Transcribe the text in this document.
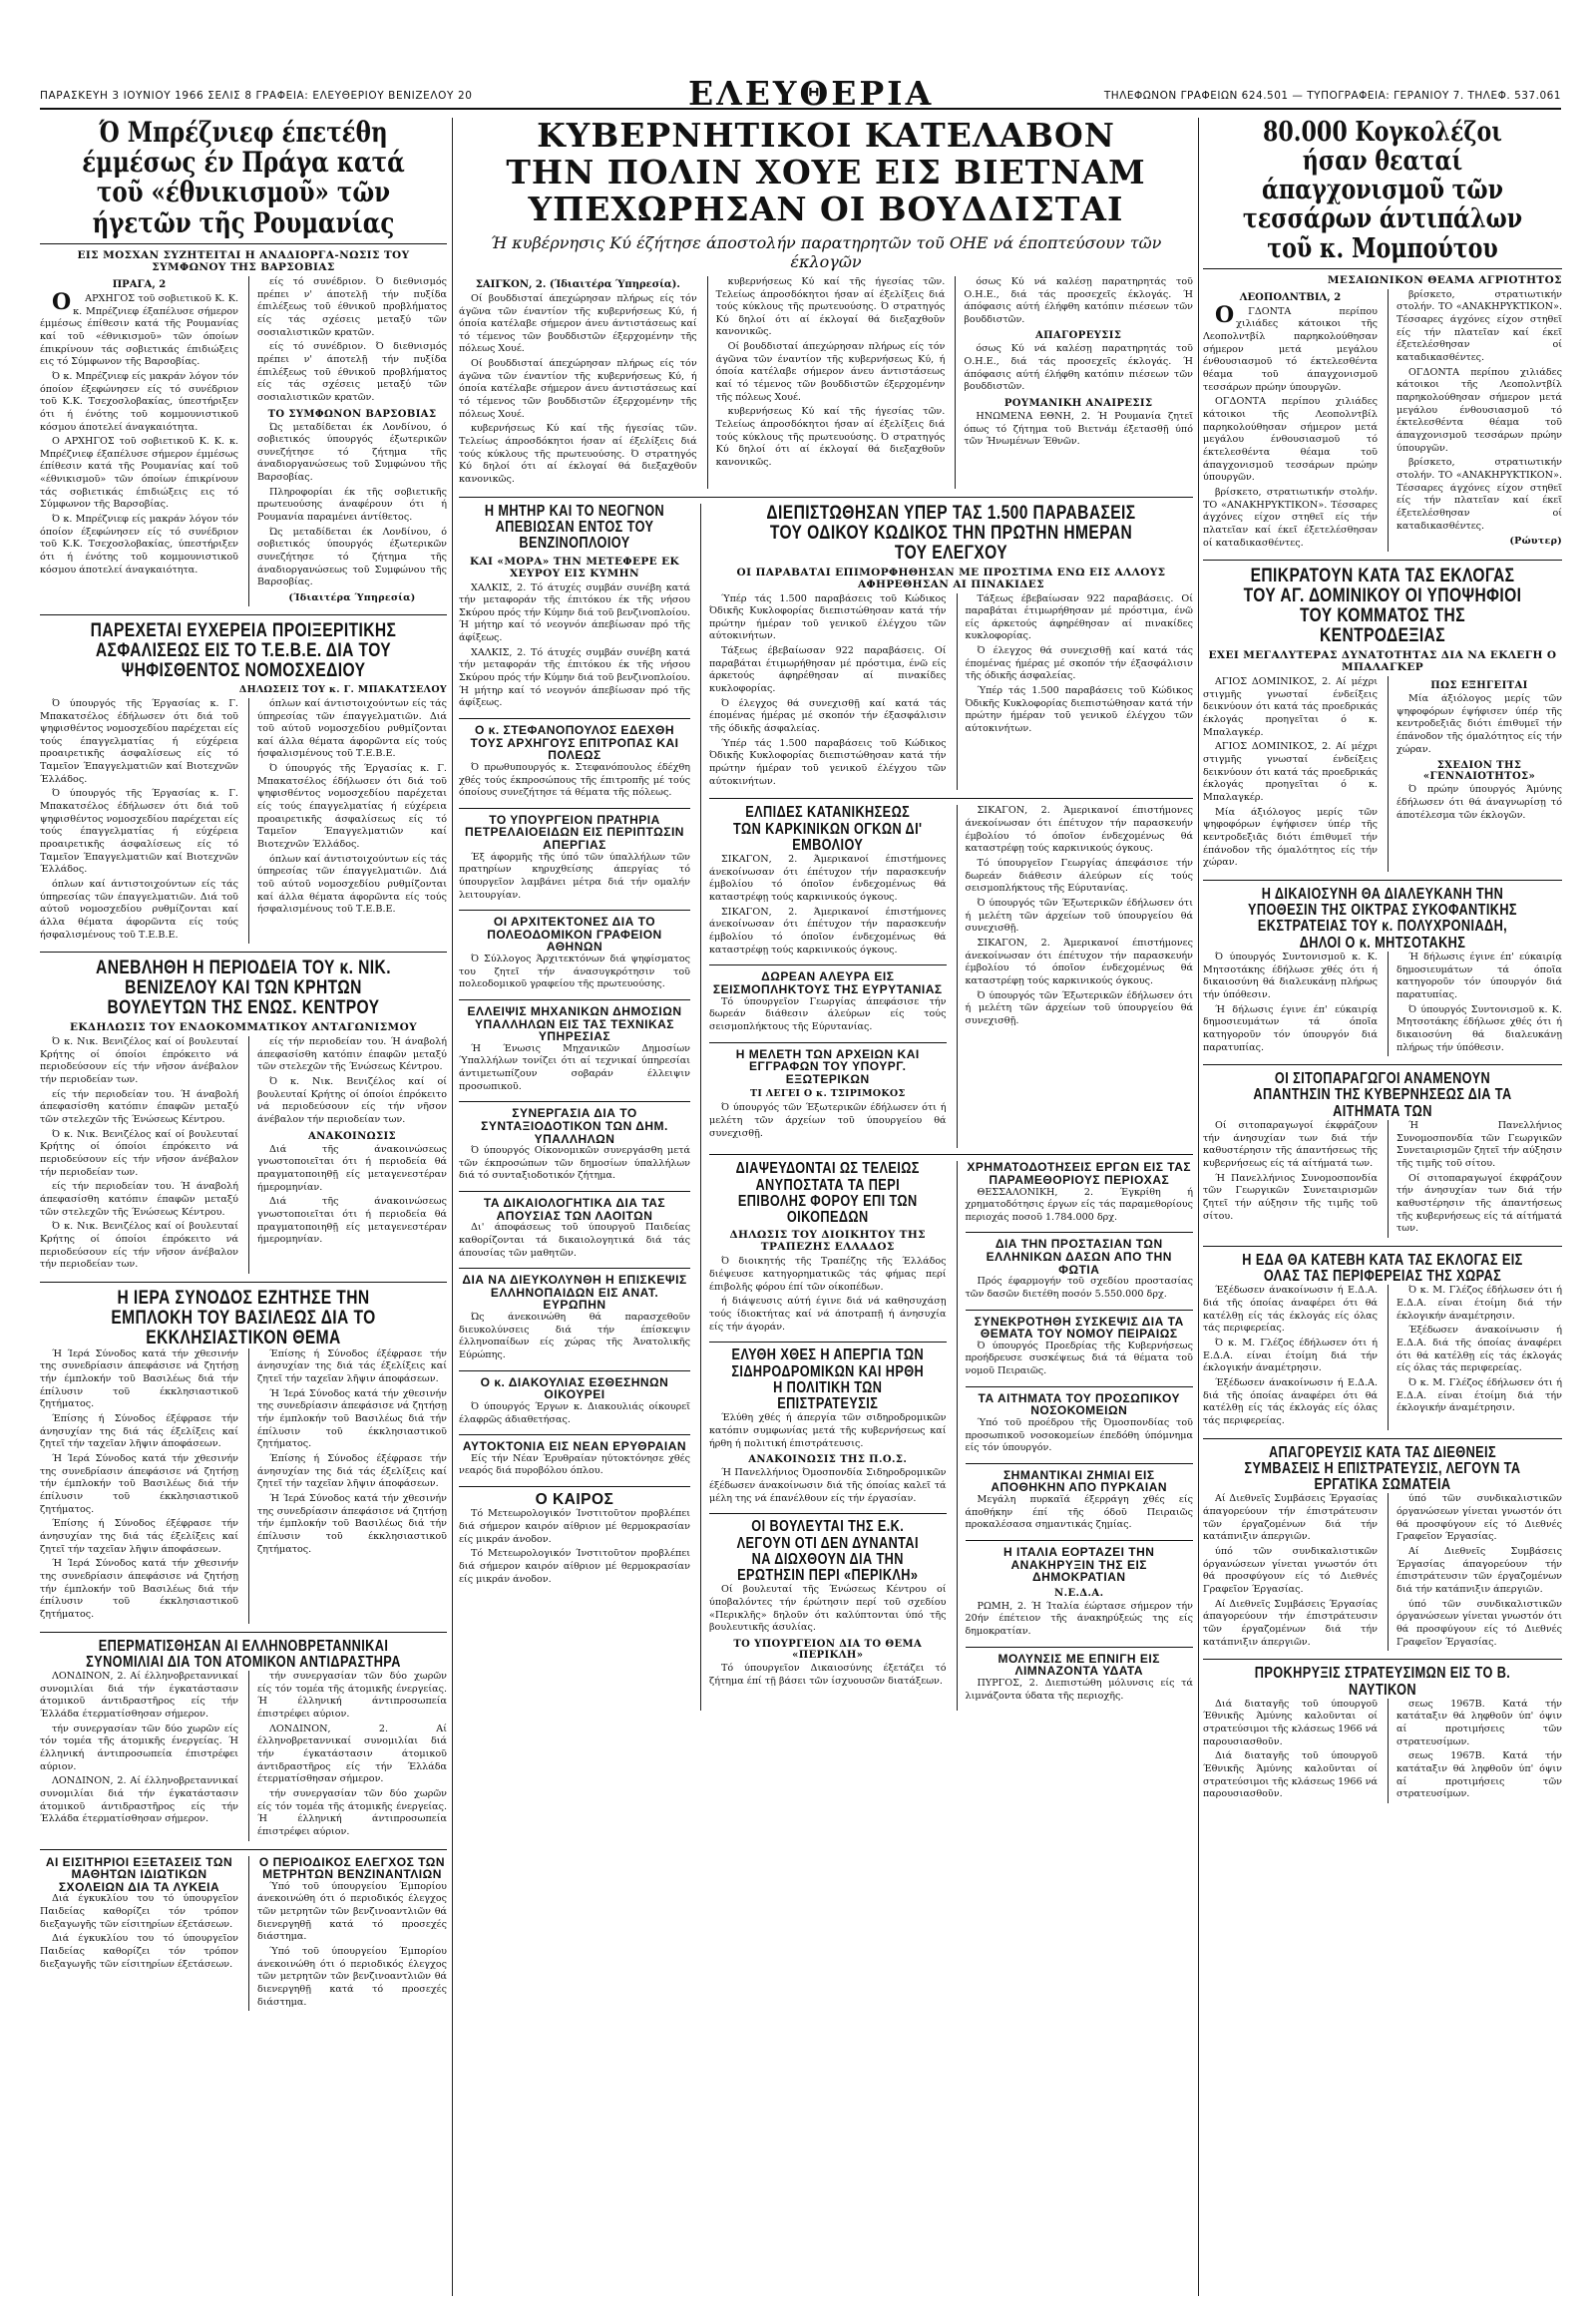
ΠΑΡΑΣΚΕΥΗ 3 ΙΟΥΝΙΟΥ 1966 ΣΕΛΙΣ 8 ΓΡΑΦΕΙΑ: ΕΛΕΥΘΕΡΙΟΥ ΒΕΝΙΖΕΛΟΥ 20	ΕΛΕΥΘΕΡΙΑ	ΤΗΛΕΦΩΝΟΝ ΓΡΑΦΕΙΩΝ 624.501 — ΤΥΠΟΓΡΑΦΕΙΑ: ΓΕΡΑΝΙΟΥ 7. ΤΗΛΕΦ. 537.061
Ό Μπρέζνιεφ έπετέθη έμμέσως έν Πράγα κατά τοῦ «έθνικισμοῦ» τῶν ήγετῶν τῆς Ρουμανίας
ΕΙΣ ΜΟΣΧΑΝ ΣΥΖΗΤΕΙΤΑΙ Η ΑΝΑΔΙΟΡΓΑ-ΝΩΣΙΣ ΤΟΥ ΣΥΜΦΩΝΟΥ ΤΗΣ ΒΑΡΣΟΒΙΑΣ
ΠΡΑΓΑ, 2

ΟΑΡΧΗΓΟΣ τοῦ σοβιετικοῦ Κ. Κ. κ. Μπρέζνιεφ έξαπέλυσε σήμερον έμμέσως έπίθεσιν κατά τῆς Ρουμανίας καί τοῦ «έθνικισμοῦ» τῶν όποίων έπικρίνουν τάς σοβιετικάς έπιδιώξεις εις τό Σύμφωνον τῆς Βαρσοβίας.

Ό κ. Μπρέζνιεφ είς μακράν λόγον τόν όποίον έξεφώνησεν είς τό συνέδριον τοῦ Κ.Κ. Τσεχοσλοβακίας, ύπεστήριξεν ότι ή ένότης τοῦ κομμουνιστικοῦ κόσμου άποτελεί άναγκαιότητα.

Ο ΑΡΧΗΓΟΣ τοῦ σοβιετικοῦ Κ. Κ. κ. Μπρέζνιεφ έξαπέλυσε σήμερον έμμέσως έπίθεσιν κατά τῆς Ρουμανίας καί τοῦ «έθνικισμοῦ» τῶν όποίων έπικρίνουν τάς σοβιετικάς έπιδιώξεις εις τό Σύμφωνον τῆς Βαρσοβίας.

Ό κ. Μπρέζνιεφ είς μακράν λόγον τόν όποίον έξεφώνησεν είς τό συνέδριον τοῦ Κ.Κ. Τσεχοσλοβακίας, ύπεστήριξεν ότι ή ένότης τοῦ κομμουνιστικοῦ κόσμου άποτελεί άναγκαιότητα.

είς τό συνέδριον. Ό διεθνισμός πρέπει ν' άποτελῇ τήν πυξίδα έπιλέξεως τοῦ έθνικοῦ προβλήματος είς τάς σχέσεις μεταξύ τῶν σοσιαλιστικῶν κρατῶν.

είς τό συνέδριον. Ό διεθνισμός πρέπει ν' άποτελῇ τήν πυξίδα έπιλέξεως τοῦ έθνικοῦ προβλήματος είς τάς σχέσεις μεταξύ τῶν σοσιαλιστικῶν κρατῶν.

ΤΟ ΣΥΜΦΩΝΟΝ ΒΑΡΣΟΒΙΑΣ

Ώς μεταδίδεται έκ Λονδίνου, ό σοβιετικός ύπουργός έξωτερικῶν συνεζήτησε τό ζήτημα τῆς άναδιοργανώσεως τοῦ Συμφώνου τῆς Βαρσοβίας.

Πληροφορίαι έκ τῆς σοβιετικῆς πρωτευούσης άναφέρουν ότι ή Ρουμανία παραμένει άντίθετος.

Ώς μεταδίδεται έκ Λονδίνου, ό σοβιετικός ύπουργός έξωτερικῶν συνεζήτησε τό ζήτημα τῆς άναδιοργανώσεως τοῦ Συμφώνου τῆς Βαρσοβίας.

(Ίδιαιτέρα Ύπηρεσία)
ΠΑΡΕΧΕΤΑΙ ΕΥΧΕΡΕΙΑ ΠΡΟΙΞΕΡΙΤΙΚΗΣ ΑΣΦΑΛΙΣΕΩΣ ΕΙΣ ΤΟ Τ.Ε.Β.Ε. ΔΙΑ ΤΟΥ ΨΗΦΙΣΘΕΝΤΟΣ ΝΟΜΟΣΧΕΔΙΟΥ
ΔΗΛΩΣΕΙΣ ΤΟΥ κ. Γ. ΜΠΑΚΑΤΣΕΛΟΥ

Ό ύπουργός τῆς Έργασίας κ. Γ. Μπακατσέλος έδήλωσεν ότι διά τοῦ ψηφισθέντος νομοσχεδίου παρέχεται είς τούς έπαγγελματίας ή εύχέρεια προαιρετικῆς άσφαλίσεως είς τό Ταμεῖον Έπαγγελματιῶν καί Βιοτεχνῶν Έλλάδος.

Ό ύπουργός τῆς Έργασίας κ. Γ. Μπακατσέλος έδήλωσεν ότι διά τοῦ ψηφισθέντος νομοσχεδίου παρέχεται είς τούς έπαγγελματίας ή εύχέρεια προαιρετικῆς άσφαλίσεως είς τό Ταμεῖον Έπαγγελματιῶν καί Βιοτεχνῶν Έλλάδος.

όπλων καί άντιστοιχούντων είς τάς ύπηρεσίας τῶν έπαγγελματιῶν. Διά τοῦ αύτοῦ νομοσχεδίου ρυθμίζονται καί άλλα θέματα άφορῶντα είς τούς ήσφαλισμένους τοῦ Τ.Ε.Β.Ε.

όπλων καί άντιστοιχούντων είς τάς ύπηρεσίας τῶν έπαγγελματιῶν. Διά τοῦ αύτοῦ νομοσχεδίου ρυθμίζονται καί άλλα θέματα άφορῶντα είς τούς ήσφαλισμένους τοῦ Τ.Ε.Β.Ε.

Ό ύπουργός τῆς Έργασίας κ. Γ. Μπακατσέλος έδήλωσεν ότι διά τοῦ ψηφισθέντος νομοσχεδίου παρέχεται είς τούς έπαγγελματίας ή εύχέρεια προαιρετικῆς άσφαλίσεως είς τό Ταμεῖον Έπαγγελματιῶν καί Βιοτεχνῶν Έλλάδος.

όπλων καί άντιστοιχούντων είς τάς ύπηρεσίας τῶν έπαγγελματιῶν. Διά τοῦ αύτοῦ νομοσχεδίου ρυθμίζονται καί άλλα θέματα άφορῶντα είς τούς ήσφαλισμένους τοῦ Τ.Ε.Β.Ε.

ΑΝΕΒΛΗΘΗ Η ΠΕΡΙΟΔΕΙΑ ΤΟΥ κ. ΝΙΚ. ΒΕΝΙΖΕΛΟΥ ΚΑΙ ΤΩΝ ΚΡΗΤΩΝ ΒΟΥΛΕΥΤΩΝ ΤΗΣ ΕΝΩΣ. ΚΕΝΤΡΟΥ
ΕΚΔΗΛΩΣΙΣ ΤΟΥ ΕΝΔΟΚΟΜΜΑΤΙΚΟΥ ΑΝΤΑΓΩΝΙΣΜΟΥ

Ό κ. Νικ. Βενιζέλος καί οί βουλευταί Κρήτης οί όποίοι έπρόκειτο νά περιοδεύσουν είς τήν νῆσον άνέβαλον τήν περιοδείαν των.

είς τήν περιοδείαν του. Ή άναβολή άπεφασίσθη κατόπιν έπαφῶν μεταξύ τῶν στελεχῶν τῆς Ένώσεως Κέντρου.

Ό κ. Νικ. Βενιζέλος καί οί βουλευταί Κρήτης οί όποίοι έπρόκειτο νά περιοδεύσουν είς τήν νῆσον άνέβαλον τήν περιοδείαν των.

είς τήν περιοδείαν του. Ή άναβολή άπεφασίσθη κατόπιν έπαφῶν μεταξύ τῶν στελεχῶν τῆς Ένώσεως Κέντρου.

Ό κ. Νικ. Βενιζέλος καί οί βουλευταί Κρήτης οί όποίοι έπρόκειτο νά περιοδεύσουν είς τήν νῆσον άνέβαλον τήν περιοδείαν των.

είς τήν περιοδείαν του. Ή άναβολή άπεφασίσθη κατόπιν έπαφῶν μεταξύ τῶν στελεχῶν τῆς Ένώσεως Κέντρου.

Ό κ. Νικ. Βενιζέλος καί οί βουλευταί Κρήτης οί όποίοι έπρόκειτο νά περιοδεύσουν είς τήν νῆσον άνέβαλον τήν περιοδείαν των.

ΑΝΑΚΟΙΝΩΣΙΣ

Διά τῆς άνακοινώσεως γνωστοποιεῖται ότι ή περιοδεία θά πραγματοποιηθῇ είς μεταγενεστέραν ήμερομηνίαν.

Διά τῆς άνακοινώσεως γνωστοποιεῖται ότι ή περιοδεία θά πραγματοποιηθῇ είς μεταγενεστέραν ήμερομηνίαν.

Η ΙΕΡΑ ΣΥΝΟΔΟΣ ΕΖΗΤΗΣΕ ΤΗΝ ΕΜΠΛΟΚΗ ΤΟΥ ΒΑΣΙΛΕΩΣ ΔΙΑ ΤΟ ΕΚΚΛΗΣΙΑΣΤΙΚΟΝ ΘΕΜΑ

Ή Ίερά Σύνοδος κατά τήν χθεσινήν της συνεδρίασιν άπεφάσισε νά ζητήσῃ τήν έμπλοκήν τοῦ Βασιλέως διά τήν έπίλυσιν τοῦ έκκλησιαστικοῦ ζητήματος.

Έπίσης ή Σύνοδος έξέφρασε τήν άνησυχίαν της διά τάς έξελίξεις καί ζητεῖ τήν ταχεῖαν λῆψιν άποφάσεων.

Ή Ίερά Σύνοδος κατά τήν χθεσινήν της συνεδρίασιν άπεφάσισε νά ζητήσῃ τήν έμπλοκήν τοῦ Βασιλέως διά τήν έπίλυσιν τοῦ έκκλησιαστικοῦ ζητήματος.

Έπίσης ή Σύνοδος έξέφρασε τήν άνησυχίαν της διά τάς έξελίξεις καί ζητεῖ τήν ταχεῖαν λῆψιν άποφάσεων.

Ή Ίερά Σύνοδος κατά τήν χθεσινήν της συνεδρίασιν άπεφάσισε νά ζητήσῃ τήν έμπλοκήν τοῦ Βασιλέως διά τήν έπίλυσιν τοῦ έκκλησιαστικοῦ ζητήματος.

Έπίσης ή Σύνοδος έξέφρασε τήν άνησυχίαν της διά τάς έξελίξεις καί ζητεῖ τήν ταχεῖαν λῆψιν άποφάσεων.

Ή Ίερά Σύνοδος κατά τήν χθεσινήν της συνεδρίασιν άπεφάσισε νά ζητήσῃ τήν έμπλοκήν τοῦ Βασιλέως διά τήν έπίλυσιν τοῦ έκκλησιαστικοῦ ζητήματος.

Έπίσης ή Σύνοδος έξέφρασε τήν άνησυχίαν της διά τάς έξελίξεις καί ζητεῖ τήν ταχεῖαν λῆψιν άποφάσεων.

Ή Ίερά Σύνοδος κατά τήν χθεσινήν της συνεδρίασιν άπεφάσισε νά ζητήσῃ τήν έμπλοκήν τοῦ Βασιλέως διά τήν έπίλυσιν τοῦ έκκλησιαστικοῦ ζητήματος.

ΕΠΕΡΜΑΤΙΣΘΗΣΑΝ ΑΙ ΕΛΛΗΝΟΒΡΕΤΑΝΝΙΚΑΙ ΣΥΝΟΜΙΛΙΑΙ ΔΙΑ ΤΟΝ ΑΤΟΜΙΚΟΝ ΑΝΤΙΔΡΑΣΤΗΡΑ

ΛΟΝΔΙΝΟΝ, 2. Αί έλληνοβρεταννικαί συνομιλίαι διά τήν έγκατάστασιν άτομικοῦ άντιδραστῆρος είς τήν Έλλάδα έτερματίσθησαν σήμερον.

τήν συνεργασίαν τῶν δύο χωρῶν είς τόν τομέα τῆς άτομικῆς ένεργείας. Ή έλληνική άντιπροσωπεία έπιστρέφει αύριον.

ΛΟΝΔΙΝΟΝ, 2. Αί έλληνοβρεταννικαί συνομιλίαι διά τήν έγκατάστασιν άτομικοῦ άντιδραστῆρος είς τήν Έλλάδα έτερματίσθησαν σήμερον.

τήν συνεργασίαν τῶν δύο χωρῶν είς τόν τομέα τῆς άτομικῆς ένεργείας. Ή έλληνική άντιπροσωπεία έπιστρέφει αύριον.

ΛΟΝΔΙΝΟΝ, 2. Αί έλληνοβρεταννικαί συνομιλίαι διά τήν έγκατάστασιν άτομικοῦ άντιδραστῆρος είς τήν Έλλάδα έτερματίσθησαν σήμερον.

τήν συνεργασίαν τῶν δύο χωρῶν είς τόν τομέα τῆς άτομικῆς ένεργείας. Ή έλληνική άντιπροσωπεία έπιστρέφει αύριον.

ΑΙ ΕΙΣΙΤΗΡΙΟΙ ΕΞΕΤΑΣΕΙΣ ΤΩΝ ΜΑΘΗΤΩΝ ΙΔΙΩΤΙΚΩΝ ΣΧΟΛΕΙΩΝ ΔΙΑ ΤΑ ΛΥΚΕΙΑ

Διά έγκυκλίου του τό ύπουργεῖον Παιδείας καθορίζει τόν τρόπον διεξαγωγῆς τῶν είσιτηρίων έξετάσεων.

Διά έγκυκλίου του τό ύπουργεῖον Παιδείας καθορίζει τόν τρόπον διεξαγωγῆς τῶν είσιτηρίων έξετάσεων.

Ο ΠΕΡΙΟΔΙΚΟΣ ΕΛΕΓΧΟΣ ΤΩΝ ΜΕΤΡΗΤΩΝ ΒΕΝΖΙΝΑΝΤΛΙΩΝ

Ύπό τοῦ ύπουργείου Έμπορίου άνεκοινώθη ότι ό περιοδικός έλεγχος τῶν μετρητῶν τῶν βενζινοαντλιῶν θά διενεργηθῇ κατά τό προσεχές διάστημα.

Ύπό τοῦ ύπουργείου Έμπορίου άνεκοινώθη ότι ό περιοδικός έλεγχος τῶν μετρητῶν τῶν βενζινοαντλιῶν θά διενεργηθῇ κατά τό προσεχές διάστημα.

ΚΥΒΕΡΝΗΤΙΚΟΙ ΚΑΤΕΛΑΒΟΝ
ΤΗΝ ΠΟΛΙΝ ΧΟΥΕ ΕΙΣ ΒΙΕΤΝΑΜ
ΥΠΕΧΩΡΗΣΑΝ ΟΙ ΒΟΥΔΔΙΣΤΑΙ
Ή κυβέρνησις Κύ έζήτησε άποστολήν παρατηρητῶν τοῦ ΟΗΕ νά έποπτεύσουν τῶν έκλογῶν
ΣΑΙΓΚΟΝ, 2. (Ίδιαιτέρα Ύπηρεσία).

Οί βουδδισταί άπεχώρησαν πλήρως είς τόν άγῶνα τῶν έναντίον τῆς κυβερνήσεως Κύ, ή όποία κατέλαβε σήμερον άνευ άντιστάσεως καί τό τέμενος τῶν βουδδιστῶν έξερχομένην τῆς πόλεως Χουέ.

Οί βουδδισταί άπεχώρησαν πλήρως είς τόν άγῶνα τῶν έναντίον τῆς κυβερνήσεως Κύ, ή όποία κατέλαβε σήμερον άνευ άντιστάσεως καί τό τέμενος τῶν βουδδιστῶν έξερχομένην τῆς πόλεως Χουέ.

κυβερνήσεως Κύ καί τῆς ήγεσίας τῶν. Τελείως άπροσδόκητοι ήσαν αί έξελίξεις διά τούς κύκλους τῆς πρωτευούσης. Ό στρατηγός Κύ δηλοί ότι αί έκλογαί θά διεξαχθοῦν κανονικῶς.

κυβερνήσεως Κύ καί τῆς ήγεσίας τῶν. Τελείως άπροσδόκητοι ήσαν αί έξελίξεις διά τούς κύκλους τῆς πρωτευούσης. Ό στρατηγός Κύ δηλοί ότι αί έκλογαί θά διεξαχθοῦν κανονικῶς.

Οί βουδδισταί άπεχώρησαν πλήρως είς τόν άγῶνα τῶν έναντίον τῆς κυβερνήσεως Κύ, ή όποία κατέλαβε σήμερον άνευ άντιστάσεως καί τό τέμενος τῶν βουδδιστῶν έξερχομένην τῆς πόλεως Χουέ.

κυβερνήσεως Κύ καί τῆς ήγεσίας τῶν. Τελείως άπροσδόκητοι ήσαν αί έξελίξεις διά τούς κύκλους τῆς πρωτευούσης. Ό στρατηγός Κύ δηλοί ότι αί έκλογαί θά διεξαχθοῦν κανονικῶς.

όσως Κύ νά καλέσῃ παρατηρητάς τοῦ Ο.Η.Ε., διά τάς προσεχεῖς έκλογάς. Ή άπόφασις αύτή έλήφθη κατόπιν πιέσεων τῶν βουδδιστῶν.

ΑΠΑΓΟΡΕΥΣΙΣ

όσως Κύ νά καλέσῃ παρατηρητάς τοῦ Ο.Η.Ε., διά τάς προσεχεῖς έκλογάς. Ή άπόφασις αύτή έλήφθη κατόπιν πιέσεων τῶν βουδδιστῶν.

ΡΟΥΜΑΝΙΚΗ ΑΝΑΙΡΕΣΙΣ

ΗΝΩΜΕΝΑ ΕΘΝΗ, 2. Ή Ρουμανία ζητεῖ όπως τό ζήτημα τοῦ Βιετνάμ έξετασθῇ ύπό τῶν Ήνωμένων Έθνῶν.

Η ΜΗΤΗΡ ΚΑΙ ΤΟ ΝΕΟΓΝΟΝ ΑΠΕΒΙΩΣΑΝ ΕΝΤΟΣ ΤΟΥ ΒΕΝΖΙΝΟΠΛΟΙΟΥ
ΚΑΙ «ΜΟΡΑ» ΤΗΝ ΜΕΤΕΦΕΡΕ ΕΚ ΧΕΥΡΟΥ ΕΙΣ ΚΥΜΗΝ

ΧΑΛΚΙΣ, 2. Τό άτυχές συμβάν συνέβη κατά τήν μεταφοράν τῆς έπιτόκου έκ τῆς νήσου Σκύρου πρός τήν Κύμην διά τοῦ βενζινοπλοίου. Ή μήτηρ καί τό νεογνόν άπεβίωσαν πρό τῆς άφίξεως.

ΧΑΛΚΙΣ, 2. Τό άτυχές συμβάν συνέβη κατά τήν μεταφοράν τῆς έπιτόκου έκ τῆς νήσου Σκύρου πρός τήν Κύμην διά τοῦ βενζινοπλοίου. Ή μήτηρ καί τό νεογνόν άπεβίωσαν πρό τῆς άφίξεως.

Ο κ. ΣΤΕΦΑΝΟΠΟΥΛΟΣ ΕΔΕΧΘΗ ΤΟΥΣ ΑΡΧΗΓΟΥΣ ΕΠΙΤΡΟΠΑΣ ΚΑΙ ΠΟΛΕΩΣ

Ό πρωθυπουργός κ. Στεφανόπουλος έδέχθη χθές τούς έκπροσώπους τῆς έπιτροπῆς μέ τούς όποίους συνεζήτησε τά θέματα τῆς πόλεως.

ΤΟ ΥΠΟΥΡΓΕΙΟΝ ΠΡΑΤΗΡΙΑ ΠΕΤΡΕΛΑΙΟΕΙΔΩΝ ΕΙΣ ΠΕΡΙΠΤΩΣΙΝ ΑΠΕΡΓΙΑΣ

Έξ άφορμῆς τῆς ύπό τῶν ύπαλλήλων τῶν πρατηρίων κηρυχθείσης άπεργίας τό ύπουργεῖον λαμβάνει μέτρα διά τήν ομαλήν λειτουργίαν.

ΟΙ ΑΡΧΙΤΕΚΤΟΝΕΣ ΔΙΑ ΤΟ ΠΟΛΕΟΔΟΜΙΚΟΝ ΓΡΑΦΕΙΟΝ ΑΘΗΝΩΝ

Ό Σύλλογος Άρχιτεκτόνων διά ψηφίσματος του ζητεῖ τήν άνασυγκρότησιν τοῦ πολεοδομικοῦ γραφείου τῆς πρωτευούσης.

ΕΛΛΕΙΨΙΣ ΜΗΧΑΝΙΚΩΝ ΔΗΜΟΣΙΩΝ ΥΠΑΛΛΗΛΩΝ ΕΙΣ ΤΑΣ ΤΕΧΝΙΚΑΣ ΥΠΗΡΕΣΙΑΣ

Ή Ένωσις Μηχανικῶν Δημοσίων Ύπαλλήλων τονίζει ότι αί τεχνικαί ύπηρεσίαι άντιμετωπίζουν σοβαράν έλλειψιν προσωπικοῦ.

ΣΥΝΕΡΓΑΣΙΑ ΔΙΑ ΤΟ ΣΥΝΤΑΞΙΟΔΟΤΙΚΟΝ ΤΩΝ ΔΗΜ. ΥΠΑΛΛΗΛΩΝ

Ό ύπουργός Οίκονομικῶν συνεργάσθη μετά τῶν έκπροσώπων τῶν δημοσίων ύπαλλήλων διά τό συνταξιοδοτικόν ζήτημα.

ΤΑ ΔΙΚΑΙΟΛΟΓΗΤΙΚΑ ΔΙΑ ΤΑΣ ΑΠΟΥΣΙΑΣ ΤΩΝ ΛΑΟΙΤΩΝ

Δι' άποφάσεως τοῦ ύπουργοῦ Παιδείας καθορίζονται τά δικαιολογητικά διά τάς άπουσίας τῶν μαθητῶν.

ΔΙΑ ΝΑ ΔΙΕΥΚΟΛΥΝΘΗ Η ΕΠΙΣΚΕΨΙΣ ΕΛΛΗΝΟΠΑΙΔΩΝ ΕΙΣ ΑΝΑΤ. ΕΥΡΩΠΗΝ

Ώς άνεκοινώθη θά παρασχεθοῦν διευκολύνσεις διά τήν έπίσκεψιν έλληνοπαίδων είς χώρας τῆς Άνατολικῆς Εύρώπης.

Ο κ. ΔΙΑΚΟΥΛΙΑΣ ΕΣΘΕΣΗΝΩΝ ΟΙΚΟΥΡΕΙ

Ό ύπουργός Έργων κ. Διακουλιάς οίκουρεῖ έλαφρῶς άδιαθετήσας.

ΑΥΤΟΚΤΟΝΙΑ ΕΙΣ ΝΕΑΝ ΕΡΥΘΡΑΙΑΝ

Είς τήν Νέαν Έρυθραίαν ηύτοκτόνησε χθές νεαρός διά πυροβόλου όπλου.

Ο ΚΑΙΡΟΣ

Τό Μετεωρολογικόν Ίνστιτοῦτον προβλέπει διά σήμερον καιρόν αίθριον μέ θερμοκρασίαν είς μικράν άνοδον.

Τό Μετεωρολογικόν Ίνστιτοῦτον προβλέπει διά σήμερον καιρόν αίθριον μέ θερμοκρασίαν είς μικράν άνοδον.

ΔΙΕΠΙΣΤΩΘΗΣΑΝ ΥΠΕΡ ΤΑΣ 1.500 ΠΑΡΑΒΑΣΕΙΣ ΤΟΥ ΟΔΙΚΟΥ ΚΩΔΙΚΟΣ ΤΗΝ ΠΡΩΤΗΝ ΗΜΕΡΑΝ ΤΟΥ ΕΛΕΓΧΟΥ
ΟΙ ΠΑΡΑΒΑΤΑΙ ΕΠΙΜΟΡΦΗΘΗΣΑΝ ΜΕ ΠΡΟΣΤΙΜΑ ΕΝΩ ΕΙΣ ΑΛΛΟΥΣ ΑΦΗΡΕΘΗΣΑΝ ΑΙ ΠΙΝΑΚΙΔΕΣ

Ύπέρ τάς 1.500 παραβάσεις τοῦ Κώδικος Όδικῆς Κυκλοφορίας διεπιστώθησαν κατά τήν πρώτην ήμέραν τοῦ γενικοῦ έλέγχου τῶν αύτοκινήτων.

Τάξεως έβεβαίωσαν 922 παραβάσεις. Οί παραβάται έτιμωρήθησαν μέ πρόστιμα, ένῶ είς άρκετούς άφηρέθησαν αί πινακίδες κυκλοφορίας.

Ό έλεγχος θά συνεχισθῇ καί κατά τάς έπομένας ήμέρας μέ σκοπόν τήν έξασφάλισιν τῆς όδικῆς άσφαλείας.

Ύπέρ τάς 1.500 παραβάσεις τοῦ Κώδικος Όδικῆς Κυκλοφορίας διεπιστώθησαν κατά τήν πρώτην ήμέραν τοῦ γενικοῦ έλέγχου τῶν αύτοκινήτων.

Τάξεως έβεβαίωσαν 922 παραβάσεις. Οί παραβάται έτιμωρήθησαν μέ πρόστιμα, ένῶ είς άρκετούς άφηρέθησαν αί πινακίδες κυκλοφορίας.

Ό έλεγχος θά συνεχισθῇ καί κατά τάς έπομένας ήμέρας μέ σκοπόν τήν έξασφάλισιν τῆς όδικῆς άσφαλείας.

Ύπέρ τάς 1.500 παραβάσεις τοῦ Κώδικος Όδικῆς Κυκλοφορίας διεπιστώθησαν κατά τήν πρώτην ήμέραν τοῦ γενικοῦ έλέγχου τῶν αύτοκινήτων.

ΕΛΠΙΔΕΣ ΚΑΤΑΝΙΚΗΣΕΩΣ ΤΩΝ ΚΑΡΚΙΝΙΚΩΝ ΟΓΚΩΝ ΔΙ' ΕΜΒΟΛΙΟΥ

ΣΙΚΑΓΟΝ, 2. Άμερικανοί έπιστήμονες άνεκοίνωσαν ότι έπέτυχον τήν παρασκευήν έμβολίου τό όποῖον ένδεχομένως θά καταστρέφῃ τούς καρκινικούς όγκους.

ΣΙΚΑΓΟΝ, 2. Άμερικανοί έπιστήμονες άνεκοίνωσαν ότι έπέτυχον τήν παρασκευήν έμβολίου τό όποῖον ένδεχομένως θά καταστρέφῃ τούς καρκινικούς όγκους.

ΔΩΡΕΑΝ ΑΛΕΥΡΑ ΕΙΣ ΣΕΙΣΜΟΠΛΗΚΤΟΥΣ ΤΗΣ ΕΥΡΥΤΑΝΙΑΣ

Τό ύπουργεῖον Γεωργίας άπεφάσισε τήν δωρεάν διάθεσιν άλεύρων είς τούς σεισμοπλήκτους τῆς Εύρυτανίας.

Η ΜΕΛΕΤΗ ΤΩΝ ΑΡΧΕΙΩΝ ΚΑΙ ΕΓΓΡΑΦΩΝ ΤΟΥ ΥΠΟΥΡΓ. ΕΞΩΤΕΡΙΚΩΝ
ΤΙ ΛΕΓΕΙ Ο κ. ΤΣΙΡΙΜΟΚΟΣ

Ό ύπουργός τῶν Έξωτερικῶν έδήλωσεν ότι ή μελέτη τῶν άρχείων τοῦ ύπουργείου θά συνεχισθῇ.

ΣΙΚΑΓΟΝ, 2. Άμερικανοί έπιστήμονες άνεκοίνωσαν ότι έπέτυχον τήν παρασκευήν έμβολίου τό όποῖον ένδεχομένως θά καταστρέφῃ τούς καρκινικούς όγκους.

Τό ύπουργεῖον Γεωργίας άπεφάσισε τήν δωρεάν διάθεσιν άλεύρων είς τούς σεισμοπλήκτους τῆς Εύρυτανίας.

Ό ύπουργός τῶν Έξωτερικῶν έδήλωσεν ότι ή μελέτη τῶν άρχείων τοῦ ύπουργείου θά συνεχισθῇ.

ΣΙΚΑΓΟΝ, 2. Άμερικανοί έπιστήμονες άνεκοίνωσαν ότι έπέτυχον τήν παρασκευήν έμβολίου τό όποῖον ένδεχομένως θά καταστρέφῃ τούς καρκινικούς όγκους.

Ό ύπουργός τῶν Έξωτερικῶν έδήλωσεν ότι ή μελέτη τῶν άρχείων τοῦ ύπουργείου θά συνεχισθῇ.

ΔΙΑΨΕΥΔΟΝΤΑΙ ΩΣ ΤΕΛΕΙΩΣ ΑΝΥΠΟΣΤΑΤΑ ΤΑ ΠΕΡΙ ΕΠΙΒΟΛΗΣ ΦΟΡΟΥ ΕΠΙ ΤΩΝ ΟΙΚΟΠΕΔΩΝ
ΔΗΛΩΣΙΣ ΤΟΥ ΔΙΟΙΚΗΤΟΥ ΤΗΣ ΤΡΑΠΕΖΗΣ ΕΛΛΑΔΟΣ

Ό διοικητής τῆς Τραπέζης τῆς Έλλάδος διέψευσε κατηγορηματικῶς τάς φήμας περί έπιβολῆς φόρου έπί τῶν οίκοπέδων.

ή διάψευσις αύτή έγινε διά νά καθησυχάσῃ τούς ίδιοκτήτας καί νά άποτραπῇ ή άνησυχία είς τήν άγοράν.

ΕΛΥΘΗ ΧΘΕΣ Η ΑΠΕΡΓΙΑ ΤΩΝ ΣΙΔΗΡΟΔΡΟΜΙΚΩΝ ΚΑΙ ΗΡΘΗ Η ΠΟΛΙΤΙΚΗ ΤΩΝ ΕΠΙΣΤΡΑΤΕΥΣΙΣ

Έλύθη χθές ή άπεργία τῶν σιδηροδρομικῶν κατόπιν συμφωνίας μετά τῆς κυβερνήσεως καί ήρθη ή πολιτική έπιστράτευσις.

ΑΝΑΚΟΙΝΩΣΙΣ ΤΗΣ Π.Ο.Σ.

Ή Πανελλήνιος Όμοσπονδία Σιδηροδρομικῶν έξέδωσεν άνακοίνωσιν διά τῆς όποίας καλεῖ τά μέλη της νά έπανέλθουν είς τήν έργασίαν.

ΟΙ ΒΟΥΛΕΥΤΑΙ ΤΗΣ Ε.Κ. ΛΕΓΟΥΝ ΟΤΙ ΔΕΝ ΔΥΝΑΝΤΑΙ ΝΑ ΔΙΩΧΘΟΥΝ ΔΙΑ ΤΗΝ ΕΡΩΤΗΣΙΝ ΠΕΡΙ «ΠΕΡΙΚΛΗ»

Οί βουλευταί τῆς Ένώσεως Κέντρου οί ύποβαλόντες τήν έρώτησιν περί τοῦ σχεδίου «Περικλῆς» δηλοῦν ότι καλύπτονται ύπό τῆς βουλευτικῆς άσυλίας.

ΤΟ ΥΠΟΥΡΓΕΙΟΝ ΔΙΑ ΤΟ ΘΕΜΑ «ΠΕΡΙΚΛΗ»

Τό ύπουργεῖον Δικαιοσύνης έξετάζει τό ζήτημα έπί τῇ βάσει τῶν ίσχυουσῶν διατάξεων.

ΧΡΗΜΑΤΟΔΟΤΗΣΕΙΣ ΕΡΓΩΝ ΕΙΣ ΤΑΣ ΠΑΡΑΜΕΘΟΡΙΟΥΣ ΠΕΡΙΟΧΑΣ

ΘΕΣΣΑΛΟΝΙΚΗ, 2. Έγκρίθη ή χρηματοδότησις έργων είς τάς παραμεθορίους περιοχάς ποσοῦ 1.784.000 δρχ.

ΔΙΑ ΤΗΝ ΠΡΟΣΤΑΣΙΑΝ ΤΩΝ ΕΛΛΗΝΙΚΩΝ ΔΑΣΩΝ ΑΠΟ ΤΗΝ ΦΩΤΙΑ

Πρός έφαρμογήν τοῦ σχεδίου προστασίας τῶν δασῶν διετέθη ποσόν 5.550.000 δρχ.

ΣΥΝΕΚΡΟΤΗΘΗ ΣΥΣΚΕΨΙΣ ΔΙΑ ΤΑ ΘΕΜΑΤΑ ΤΟΥ ΝΟΜΟΥ ΠΕΙΡΑΙΩΣ

Ό ύπουργός Προεδρίας τῆς Κυβερνήσεως προήδρευσε συσκέψεως διά τά θέματα τοῦ νομοῦ Πειραιῶς.

ΤΑ ΑΙΤΗΜΑΤΑ ΤΟΥ ΠΡΟΣΩΠΙΚΟΥ ΝΟΣΟΚΟΜΕΙΩΝ

Ύπό τοῦ προέδρου τῆς Όμοσπονδίας τοῦ προσωπικοῦ νοσοκομείων έπεδόθη ύπόμνημα είς τόν ύπουργόν.

ΣΗΜΑΝΤΙΚΑΙ ΖΗΜΙΑΙ ΕΙΣ ΑΠΟΘΗΚΗΝ ΑΠΟ ΠΥΡΚΑΙΑΝ

Μεγάλη πυρκαϊά έξερράγη χθές είς άποθήκην έπί τῆς όδοῦ Πειραιῶς προκαλέσασα σημαντικάς ζημίας.

Η ΙΤΑΛΙΑ ΕΟΡΤΑΖΕΙ ΤΗΝ ΑΝΑΚΗΡΥΞΙΝ ΤΗΣ ΕΙΣ ΔΗΜΟΚΡΑΤΙΑΝ
Ν.Ε.Δ.Α.

ΡΩΜΗ, 2. Ή Ίταλία έώρτασε σήμερον τήν 20ήν έπέτειον τῆς άνακηρύξεώς της είς δημοκρατίαν.

ΜΟΛΥΝΣΙΣ ΜΕ ΕΠΝΙΓΗ ΕΙΣ ΛΙΜΝΑΖΟΝΤΑ ΥΔΑΤΑ

ΠΥΡΓΟΣ, 2. Διεπιστώθη μόλυνσις είς τά λιμνάζοντα ύδατα τῆς περιοχῆς.

80.000 Κογκολέζοι ήσαν θεαταί άπαγχονισμοῦ τῶν τεσσάρων άντιπάλων τοῦ κ. Μομπούτου
ΜΕΣΑΙΩΝΙΚΟΝ ΘΕΑΜΑ ΑΓΡΙΟΤΗΤΟΣ
ΛΕΟΠΟΛΝΤΒΙΛ, 2

ΟΓΔΟΝΤΑ περίπου χιλιάδες κάτοικοι τῆς Λεοπολντβίλ παρηκολούθησαν σήμερον μετά μεγάλου ένθουσιασμοῦ τό έκτελεσθέντα θέαμα τοῦ άπαγχονισμοῦ τεσσάρων πρώην ύπουργῶν.

ΟΓΔΟΝΤΑ περίπου χιλιάδες κάτοικοι τῆς Λεοπολντβίλ παρηκολούθησαν σήμερον μετά μεγάλου ένθουσιασμοῦ τό έκτελεσθέντα θέαμα τοῦ άπαγχονισμοῦ τεσσάρων πρώην ύπουργῶν.

βρίσκετο, στρατιωτικήν στολήν. ΤΟ «ΑΝΑΚΗΡΥΚΤΙΚΟΝ». Τέσσαρες άγχόνες είχον στηθεῖ είς τήν πλατεῖαν καί έκεῖ έξετελέσθησαν οί καταδικασθέντες.

βρίσκετο, στρατιωτικήν στολήν. ΤΟ «ΑΝΑΚΗΡΥΚΤΙΚΟΝ». Τέσσαρες άγχόνες είχον στηθεῖ είς τήν πλατεῖαν καί έκεῖ έξετελέσθησαν οί καταδικασθέντες.

ΟΓΔΟΝΤΑ περίπου χιλιάδες κάτοικοι τῆς Λεοπολντβίλ παρηκολούθησαν σήμερον μετά μεγάλου ένθουσιασμοῦ τό έκτελεσθέντα θέαμα τοῦ άπαγχονισμοῦ τεσσάρων πρώην ύπουργῶν.

βρίσκετο, στρατιωτικήν στολήν. ΤΟ «ΑΝΑΚΗΡΥΚΤΙΚΟΝ». Τέσσαρες άγχόνες είχον στηθεῖ είς τήν πλατεῖαν καί έκεῖ έξετελέσθησαν οί καταδικασθέντες.

(Ρώυτερ)
ΕΠΙΚΡΑΤΟΥΝ ΚΑΤΑ ΤΑΣ ΕΚΛΟΓΑΣ ΤΟΥ ΑΓ. ΔΟΜΙΝΙΚΟΥ ΟΙ ΥΠΟΨΗΦΙΟΙ ΤΟΥ ΚΟΜΜΑΤΟΣ ΤΗΣ ΚΕΝΤΡΟΔΕΞΙΑΣ
ΕΧΕΙ ΜΕΓΑΛΥΤΕΡΑΣ ΔΥΝΑΤΟΤΗΤΑΣ ΔΙΑ ΝΑ ΕΚΛΕΓΗ Ο ΜΠΑΛΑΓΚΕΡ

ΑΓΙΟΣ ΔΟΜΙΝΙΚΟΣ, 2. Αί μέχρι στιγμῆς γνωσταί ένδείξεις δεικνύουν ότι κατά τάς προεδρικάς έκλογάς προηγεῖται ό κ. Μπαλαγκέρ.

ΑΓΙΟΣ ΔΟΜΙΝΙΚΟΣ, 2. Αί μέχρι στιγμῆς γνωσταί ένδείξεις δεικνύουν ότι κατά τάς προεδρικάς έκλογάς προηγεῖται ό κ. Μπαλαγκέρ.

Μία άξιόλογος μερίς τῶν ψηφοφόρων έψήφισεν ύπέρ τῆς κεντροδεξιᾶς διότι έπιθυμεῖ τήν έπάνοδον τῆς όμαλότητος είς τήν χώραν.

ΠΩΣ ΕΞΗΓΕΙΤΑΙ

Μία άξιόλογος μερίς τῶν ψηφοφόρων έψήφισεν ύπέρ τῆς κεντροδεξιᾶς διότι έπιθυμεῖ τήν έπάνοδον τῆς όμαλότητος είς τήν χώραν.

ΣΧΕΔΙΟΝ ΤΗΣ «ΓΕΝΝΑΙΟΤΗΤΟΣ»

Ό πρώην ύπουργός Άμύνης έδήλωσεν ότι θά άναγνωρίσῃ τό άποτέλεσμα τῶν έκλογῶν.

Η ΔΙΚΑΙΟΣΥΝΗ ΘΑ ΔΙΑΛΕΥΚΑΝΗ ΤΗΝ ΥΠΟΘΕΣΙΝ ΤΗΣ ΟΙΚΤΡΑΣ ΣΥΚΟΦΑΝΤΙΚΗΣ ΕΚΣΤΡΑΤΕΙΑΣ ΤΟΥ κ. ΠΟΛΥΧΡΟΝΙΑΔΗ, ΔΗΛΟΙ Ο κ. ΜΗΤΣΟΤΑΚΗΣ

Ό ύπουργός Συντονισμοῦ κ. Κ. Μητσοτάκης έδήλωσε χθές ότι ή δικαιοσύνη θά διαλευκάνῃ πλήρως τήν ύπόθεσιν.

Ή δήλωσις έγινε έπ' εύκαιρίᾳ δημοσιευμάτων τά όποῖα κατηγοροῦν τόν ύπουργόν διά παρατυπίας.

Ή δήλωσις έγινε έπ' εύκαιρίᾳ δημοσιευμάτων τά όποῖα κατηγοροῦν τόν ύπουργόν διά παρατυπίας.

Ό ύπουργός Συντονισμοῦ κ. Κ. Μητσοτάκης έδήλωσε χθές ότι ή δικαιοσύνη θά διαλευκάνῃ πλήρως τήν ύπόθεσιν.

ΟΙ ΣΙΤΟΠΑΡΑΓΩΓΟΙ ΑΝΑΜΕΝΟΥΝ ΑΠΑΝΤΗΣΙΝ ΤΗΣ ΚΥΒΕΡΝΗΣΕΩΣ ΔΙΑ ΤΑ ΑΙΤΗΜΑΤΑ ΤΩΝ

Οί σιτοπαραγωγοί έκφράζουν τήν άνησυχίαν των διά τήν καθυστέρησιν τῆς άπαντήσεως τῆς κυβερνήσεως είς τά αίτήματά των.

Ή Πανελλήνιος Συνομοσπονδία τῶν Γεωργικῶν Συνεταιρισμῶν ζητεῖ τήν αύξησιν τῆς τιμῆς τοῦ σίτου.

Ή Πανελλήνιος Συνομοσπονδία τῶν Γεωργικῶν Συνεταιρισμῶν ζητεῖ τήν αύξησιν τῆς τιμῆς τοῦ σίτου.

Οί σιτοπαραγωγοί έκφράζουν τήν άνησυχίαν των διά τήν καθυστέρησιν τῆς άπαντήσεως τῆς κυβερνήσεως είς τά αίτήματά των.

Η ΕΔΑ ΘΑ ΚΑΤΕΒΗ ΚΑΤΑ ΤΑΣ ΕΚΛΟΓΑΣ ΕΙΣ ΟΛΑΣ ΤΑΣ ΠΕΡΙΦΕΡΕΙΑΣ ΤΗΣ ΧΩΡΑΣ

Έξέδωσεν άνακοίνωσιν ή Ε.Δ.Α. διά τῆς όποίας άναφέρει ότι θά κατέλθῃ είς τάς έκλογάς είς όλας τάς περιφερείας.

Ό κ. Μ. Γλέζος έδήλωσεν ότι ή Ε.Δ.Α. είναι έτοίμη διά τήν έκλογικήν άναμέτρησιν.

Έξέδωσεν άνακοίνωσιν ή Ε.Δ.Α. διά τῆς όποίας άναφέρει ότι θά κατέλθῃ είς τάς έκλογάς είς όλας τάς περιφερείας.

Ό κ. Μ. Γλέζος έδήλωσεν ότι ή Ε.Δ.Α. είναι έτοίμη διά τήν έκλογικήν άναμέτρησιν.

Έξέδωσεν άνακοίνωσιν ή Ε.Δ.Α. διά τῆς όποίας άναφέρει ότι θά κατέλθῃ είς τάς έκλογάς είς όλας τάς περιφερείας.

Ό κ. Μ. Γλέζος έδήλωσεν ότι ή Ε.Δ.Α. είναι έτοίμη διά τήν έκλογικήν άναμέτρησιν.

ΑΠΑΓΟΡΕΥΣΙΣ ΚΑΤΑ ΤΑΣ ΔΙΕΘΝΕΙΣ ΣΥΜΒΑΣΕΙΣ Η ΕΠΙΣΤΡΑΤΕΥΣΙΣ, ΛΕΓΟΥΝ ΤΑ ΕΡΓΑΤΙΚΑ ΣΩΜΑΤΕΙΑ

Αί Διεθνεῖς Συμβάσεις Έργασίας άπαγορεύουν τήν έπιστράτευσιν τῶν έργαζομένων διά τήν κατάπνιξιν άπεργιῶν.

ύπό τῶν συνδικαλιστικῶν όργανώσεων γίνεται γνωστόν ότι θά προσφύγουν είς τό Διεθνές Γραφεῖον Έργασίας.

Αί Διεθνεῖς Συμβάσεις Έργασίας άπαγορεύουν τήν έπιστράτευσιν τῶν έργαζομένων διά τήν κατάπνιξιν άπεργιῶν.

ύπό τῶν συνδικαλιστικῶν όργανώσεων γίνεται γνωστόν ότι θά προσφύγουν είς τό Διεθνές Γραφεῖον Έργασίας.

Αί Διεθνεῖς Συμβάσεις Έργασίας άπαγορεύουν τήν έπιστράτευσιν τῶν έργαζομένων διά τήν κατάπνιξιν άπεργιῶν.

ύπό τῶν συνδικαλιστικῶν όργανώσεων γίνεται γνωστόν ότι θά προσφύγουν είς τό Διεθνές Γραφεῖον Έργασίας.

ΠΡΟΚΗΡΥΞΙΣ ΣΤΡΑΤΕΥΣΙΜΩΝ ΕΙΣ ΤΟ Β. ΝΑΥΤΙΚΟΝ

Διά διαταγῆς τοῦ ύπουργοῦ Έθνικῆς Άμύνης καλοῦνται οί στρατεύσιμοι τῆς κλάσεως 1966 νά παρουσιασθοῦν.

Διά διαταγῆς τοῦ ύπουργοῦ Έθνικῆς Άμύνης καλοῦνται οί στρατεύσιμοι τῆς κλάσεως 1966 νά παρουσιασθοῦν.

σεως 1967Β. Κατά τήν κατάταξιν θά ληφθοῦν ύπ' όψιν αί προτιμήσεις τῶν στρατευσίμων.

σεως 1967Β. Κατά τήν κατάταξιν θά ληφθοῦν ύπ' όψιν αί προτιμήσεις τῶν στρατευσίμων.
